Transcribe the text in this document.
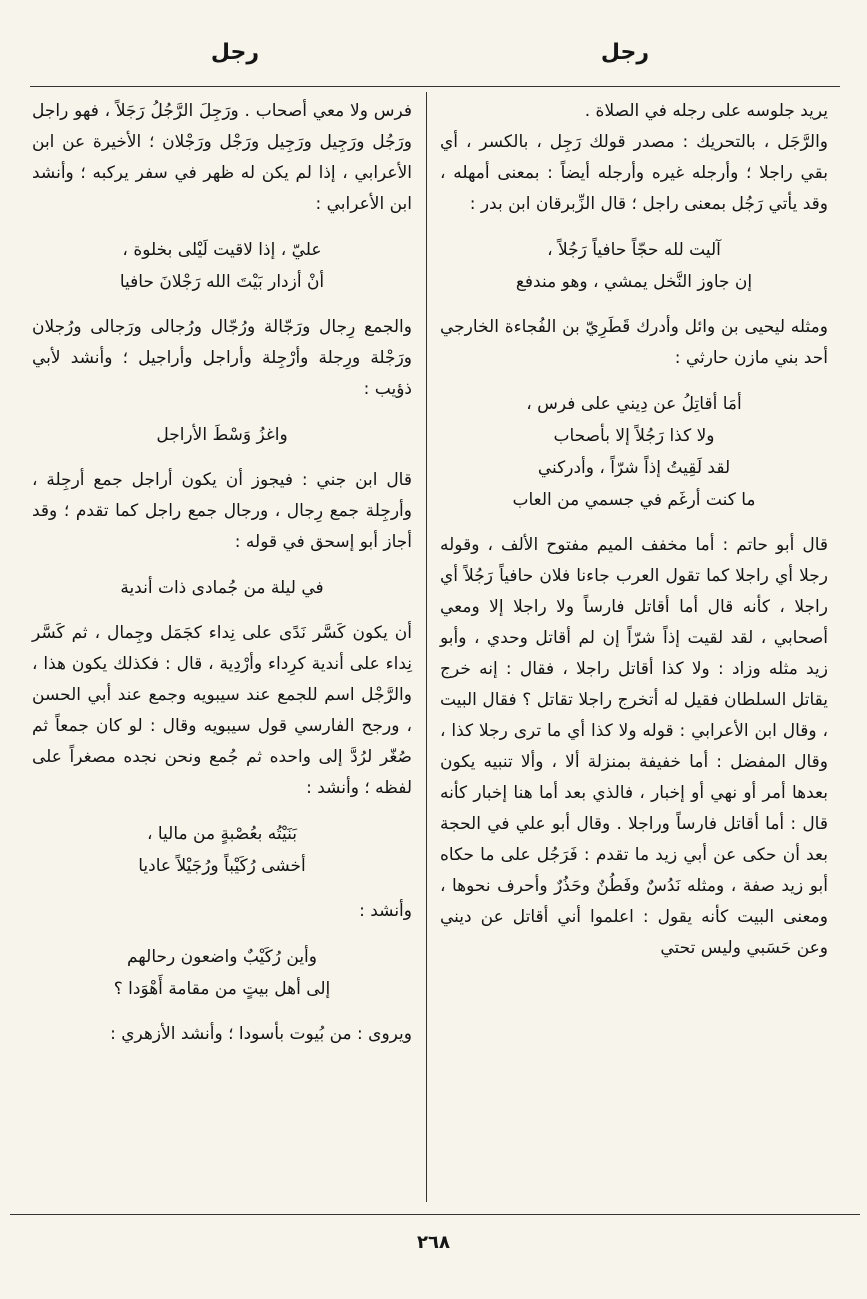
رجل
رجل

يريد جلوسه على رجله في الصلاة .

والرَّجَل ، بالتحريك : مصدر قولك رَجِل ، بالكسر ، أي بقي راجلا ؛ وأرجله غيره وأرجله أيضاً : بمعنى أمهله ، وقد يأتي رَجُل بمعنى راجل ؛ قال الزِّبرقان ابن بدر :

آليت لله حجّاً حافياً رَجُلاً ،
إن جاوز النَّخل يمشي ، وهو مندفع

ومثله ليحيى بن وائل وأدرك قَطَرِيّ بن الفُجاءة الخارجي أحد بني مازن حارثي :

أمَا أقاتِلُ عن دِيني على فرس ،
ولا كذا رَجُلاً إلا بأصحاب
لقد لَقِيتُ إذاً شرّاً ، وأدركني
ما كنت أرغَم في جسمي من العاب

قال أبو حاتم : أما مخفف الميم مفتوح الألف ، وقوله رجلا أي راجلا كما تقول العرب جاءنا فلان حافياً رَجُلاً أي راجلا ، كأنه قال أما أقاتل فارساً ولا راجلا إلا ومعي أصحابي ، لقد لقيت إذاً شرّاً إن لم أقاتل وحدي ، وأبو زيد مثله وزاد : ولا كذا أقاتل راجلا ، فقال : إنه خرج يقاتل السلطان فقيل له أتخرج راجلا تقاتل ؟ فقال البيت ، وقال ابن الأعرابي : قوله ولا كذا أي ما ترى رجلا كذا ، وقال المفضل : أما خفيفة بمنزلة ألا ، وألا تنبيه يكون بعدها أمر أو نهي أو إخبار ، فالذي بعد أما هنا إخبار كأنه قال : أما أقاتل فارساً وراجلا . وقال أبو علي في الحجة بعد أن حكى عن أبي زيد ما تقدم : فَرَجُل على ما حكاه أبو زيد صفة ، ومثله نَدُسٌ وفَطُنٌ وحَذُرٌ وأحرف نحوها ، ومعنى البيت كأنه يقول : اعلموا أني أقاتل عن ديني وعن حَسَبي وليس تحتي

فرس ولا معي أصحاب . ورَجِلَ الرَّجُلُ رَجَلاً ، فهو راجل ورَجُل ورَجِيل ورَجِيل ورَجْل ورَجْلان ؛ الأخيرة عن ابن الأعرابي ، إذا لم يكن له ظهر في سفر يركبه ؛ وأنشد ابن الأعرابي :

عليّ ، إذا لاقيت لَيْلى بخلوة ،
أنْ أزدار بَيْتَ الله رَجْلانَ حافيا

والجمع رِجال ورَجّالة ورُجّال ورُجالى ورَجالى ورُجلان ورَجْلة ورِجلة وأرْجِلة وأراجل وأراجيل ؛ وأنشد لأبي ذؤيب :

واغزُ وَسْطَ الأراجل

قال ابن جني : فيجوز أن يكون أراجل جمع أرجِلة ، وأرجِلة جمع رِجال ، ورجال جمع راجل كما تقدم ؛ وقد أجاز أبو إسحق في قوله :

في ليلة من جُمادى ذات أندية

أن يكون كَسَّر نَدًى على نِداء كجَمَل وجِمال ، ثم كَسَّر نِداء على أندية كرِداء وأرْدِية ، قال : فكذلك يكون هذا ، والرَّجْل اسم للجمع عند سيبويه وجمع عند أبي الحسن ، ورجح الفارسي قول سيبويه وقال : لو كان جمعاً ثم صُغّر لرُدَّ إلى واحده ثم جُمع ونحن نجده مصغراً على لفظه ؛ وأنشد :

بَنَيْتُه بعُصْبةٍ من ماليا ،
أخشى رُكَيْباً ورُجَيْلاً عاديا

وأنشد :

وأين رُكَيْبٌ واضعون رحالهم
إلى أهل بيتٍ من مقامة أَهْوَدا ؟

ويروى : من بُيوت بأسودا ؛ وأنشد الأزهري :

٢٦٨
